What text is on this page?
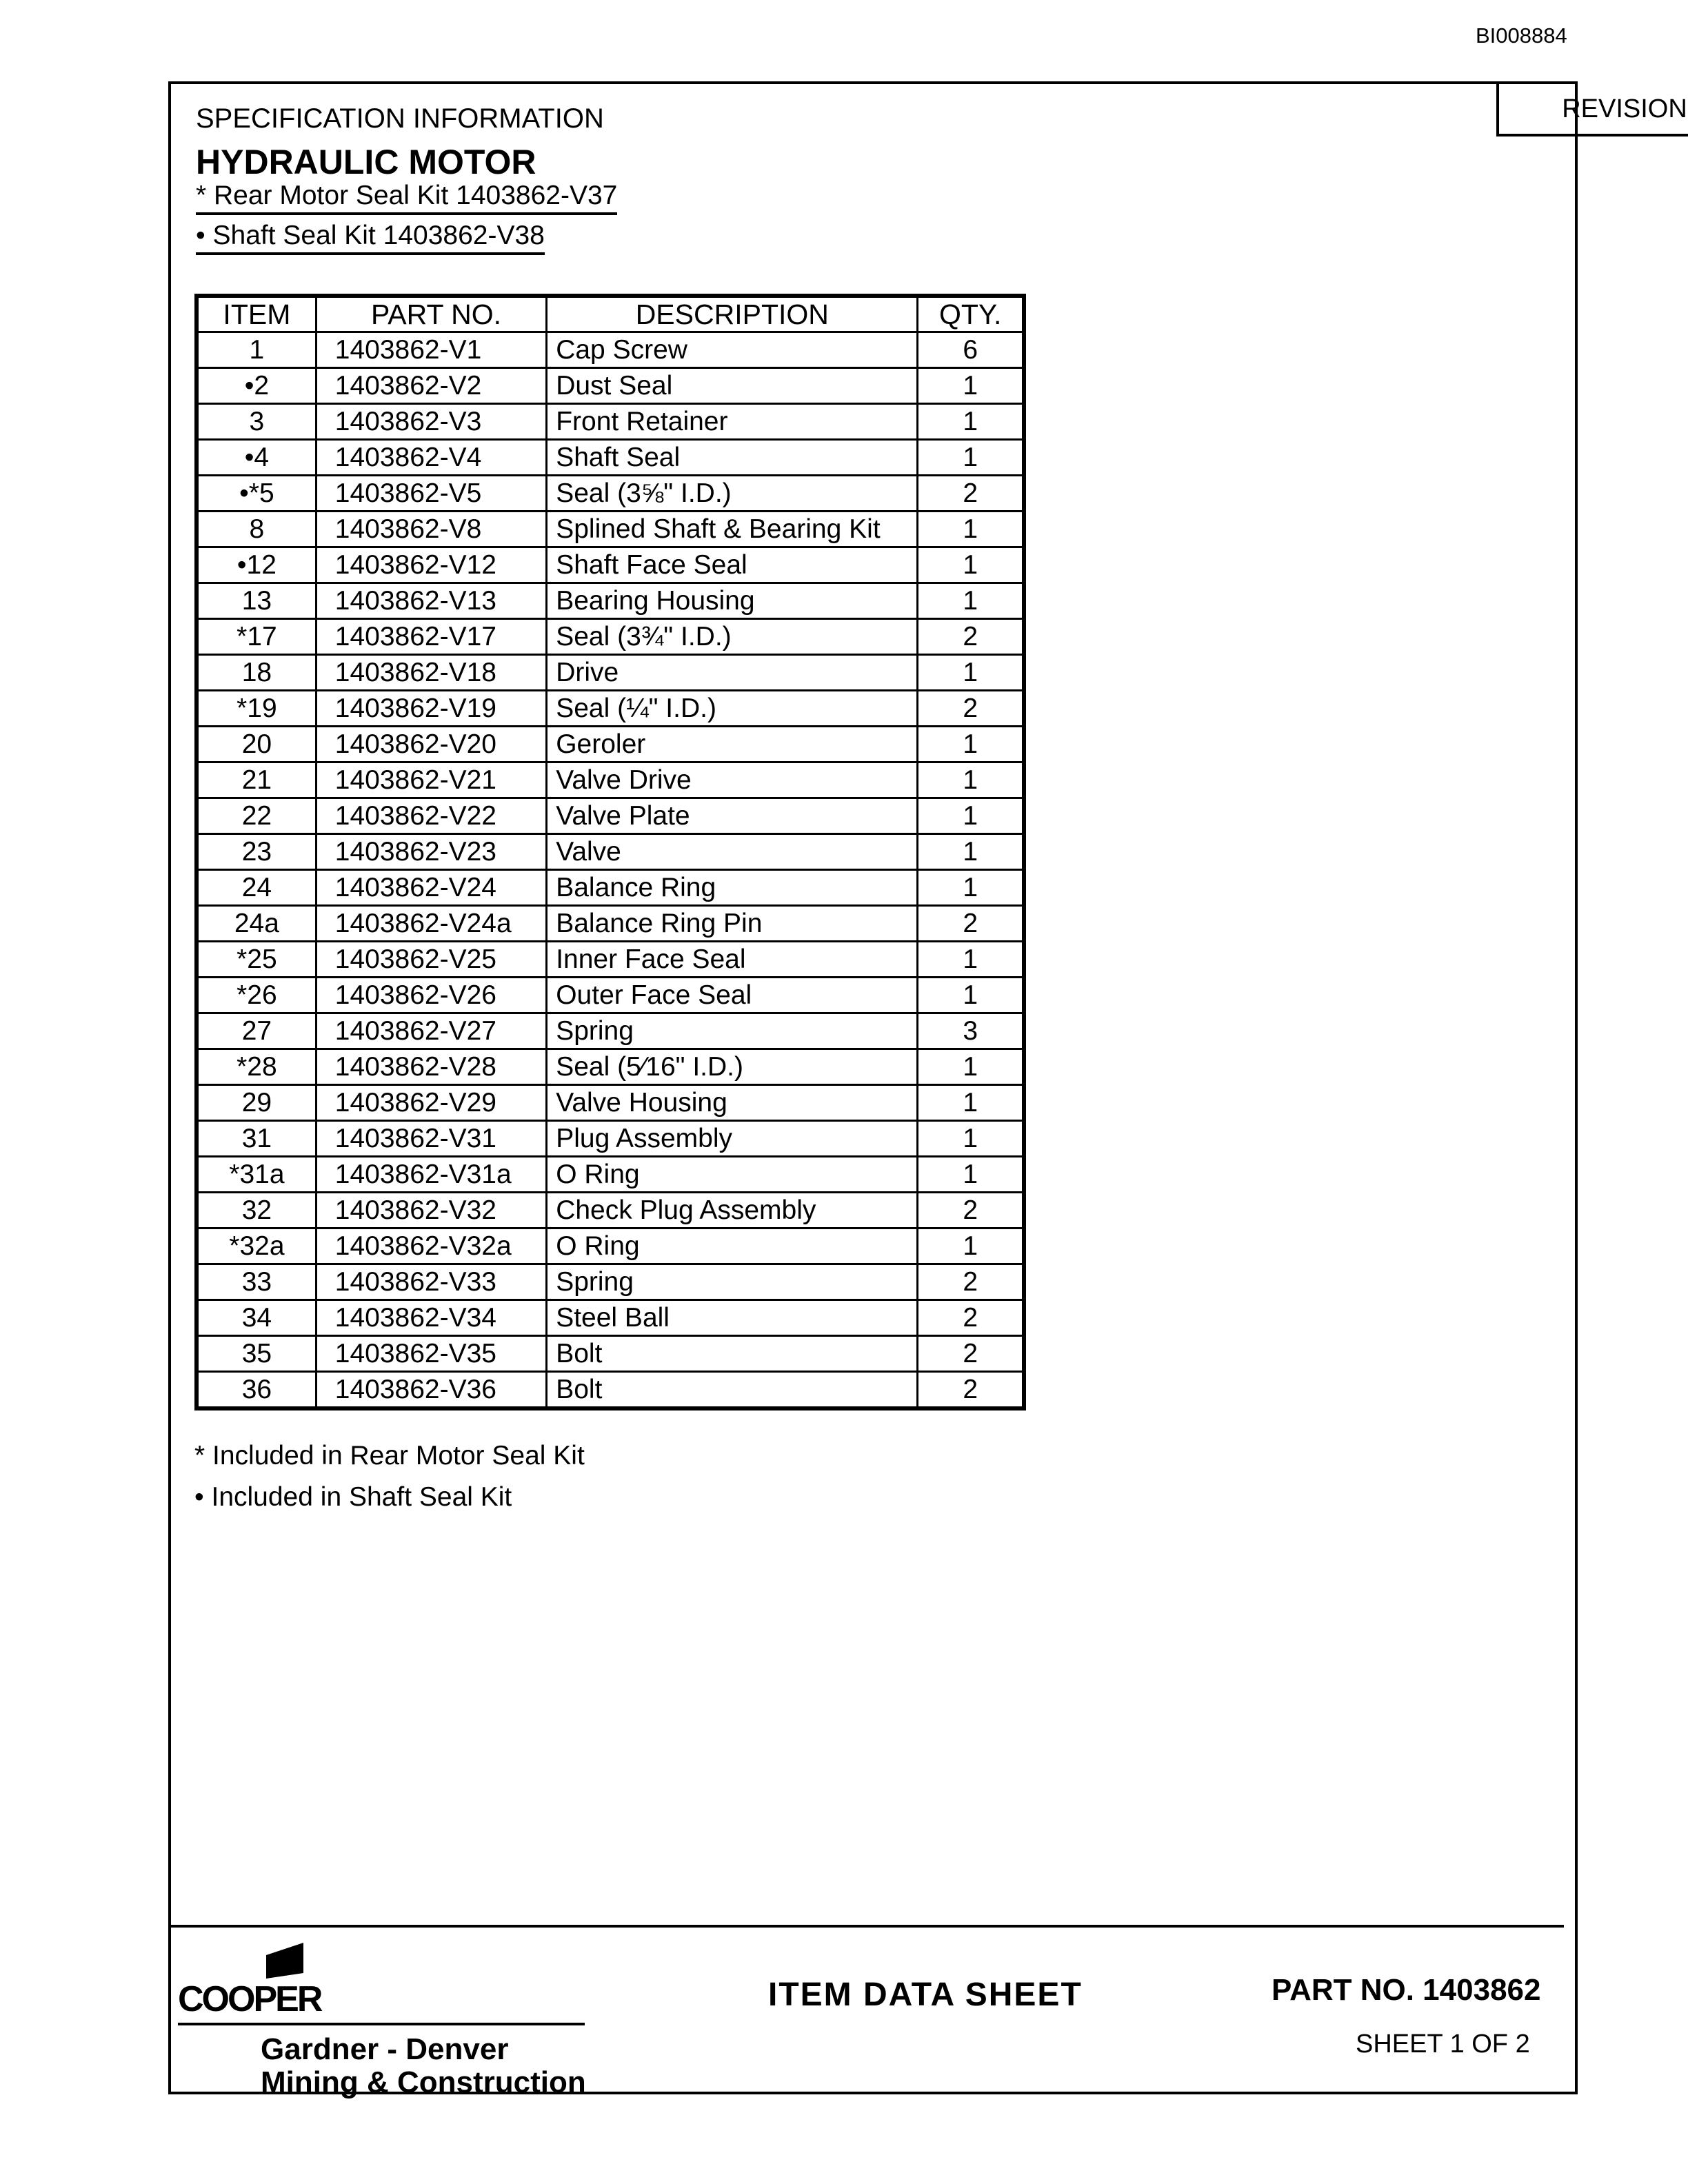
BI008884
REVISION
SPECIFICATION INFORMATION
HYDRAULIC MOTOR
* Rear Motor Seal Kit 1403862-V37
• Shaft Seal Kit 1403862-V38
ITEM	PART NO.	DESCRIPTION	QTY.
1	1403862-V1	Cap Screw	6
•2	1403862-V2	Dust Seal	1
3	1403862-V3	Front Retainer	1
•4	1403862-V4	Shaft Seal	1
•*5	1403862-V5	Seal (3⅝" I.D.)	2
8	1403862-V8	Splined Shaft & Bearing Kit	1
•12	1403862-V12	Shaft Face Seal	1
13	1403862-V13	Bearing Housing	1
*17	1403862-V17	Seal (3¾" I.D.)	2
18	1403862-V18	Drive	1
*19	1403862-V19	Seal (¼" I.D.)	2
20	1403862-V20	Geroler	1
21	1403862-V21	Valve Drive	1
22	1403862-V22	Valve Plate	1
23	1403862-V23	Valve	1
24	1403862-V24	Balance Ring	1
24a	1403862-V24a	Balance Ring Pin	2
*25	1403862-V25	Inner Face Seal	1
*26	1403862-V26	Outer Face Seal	1
27	1403862-V27	Spring	3
*28	1403862-V28	Seal (5⁄16" I.D.)	1
29	1403862-V29	Valve Housing	1
31	1403862-V31	Plug Assembly	1
*31a	1403862-V31a	O Ring	1
32	1403862-V32	Check Plug Assembly	2
*32a	1403862-V32a	O Ring	1
33	1403862-V33	Spring	2
34	1403862-V34	Steel Ball	2
35	1403862-V35	Bolt	2
36	1403862-V36	Bolt	2
* Included in Rear Motor Seal Kit
• Included in Shaft Seal Kit
COOPER
Gardner - Denver
Mining & Construction
ITEM DATA SHEET	PART NO. 1403862
SHEET 1 OF 2
